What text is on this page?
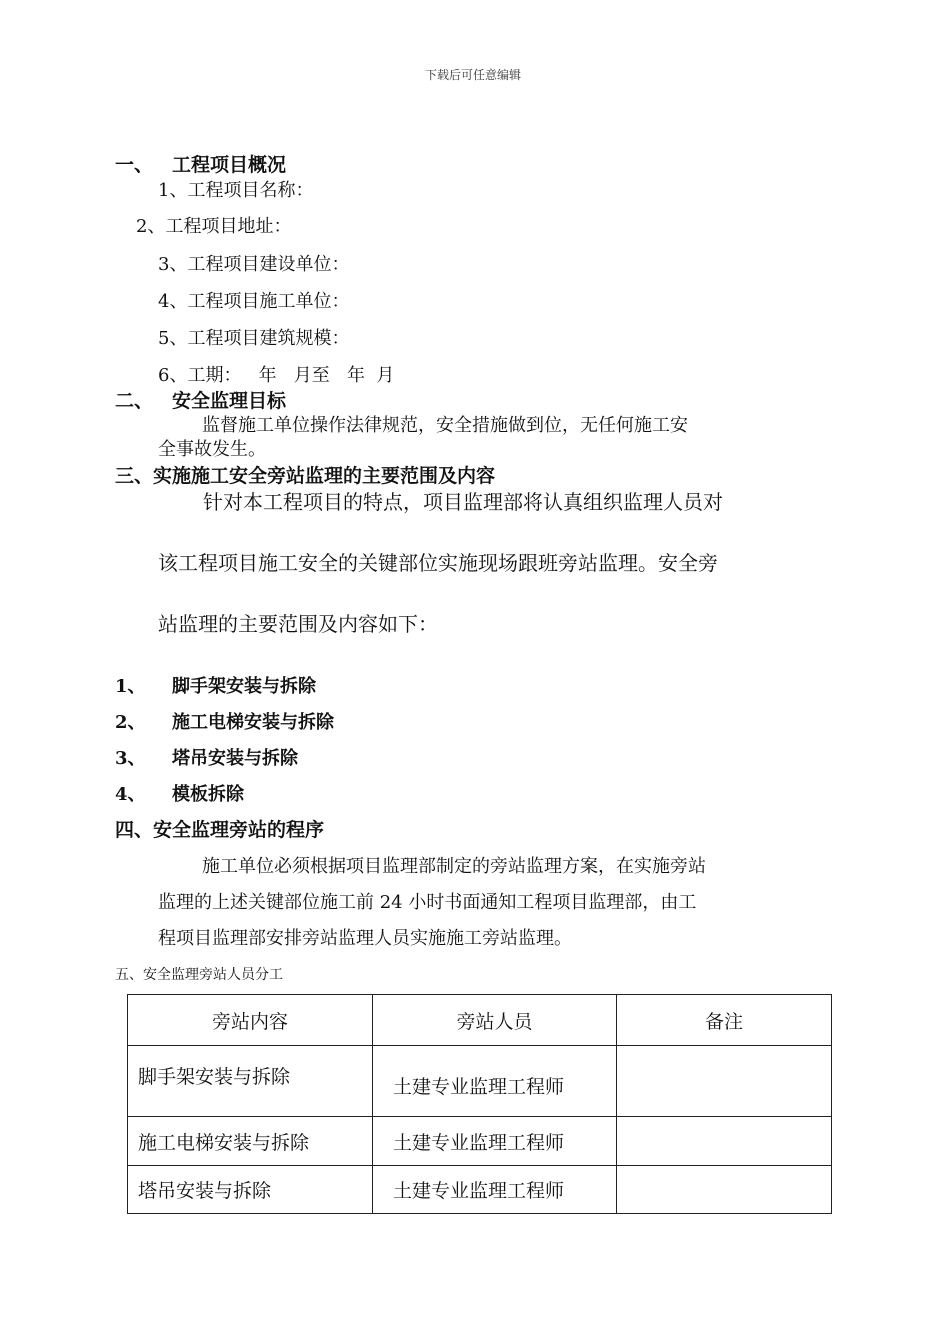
下载后可任意编辑
一、 工程项目概况
1、工程项目名称：
2、工程项目地址：
3、工程项目建设单位：
4、工程项目施工单位：
5、工程项目建筑规模：
6、工期：   年   月至   年  月
二、 安全监理目标
监督施工单位操作法律规范，安全措施做到位，无任何施工安
全事故发生。
三、实施施工安全旁站监理的主要范围及内容
针对本工程项目的特点，项目监理部将认真组织监理人员对
该工程项目施工安全的关键部位实施现场跟班旁站监理。安全旁
站监理的主要范围及内容如下：
1、 脚手架安装与拆除
2、 施工电梯安装与拆除
3、 塔吊安装与拆除
4、 模板拆除
四、安全监理旁站的程序
施工单位必须根据项目监理部制定的旁站监理方案，在实施旁站
监理的上述关键部位施工前 24 小时书面通知工程项目监理部，由工
程项目监理部安排旁站监理人员实施施工旁站监理。
五、安全监理旁站人员分工
旁站内容	旁站人员	备注
脚手架安装与拆除	土建专业监理工程师	
施工电梯安装与拆除	土建专业监理工程师	
塔吊安装与拆除	土建专业监理工程师	
